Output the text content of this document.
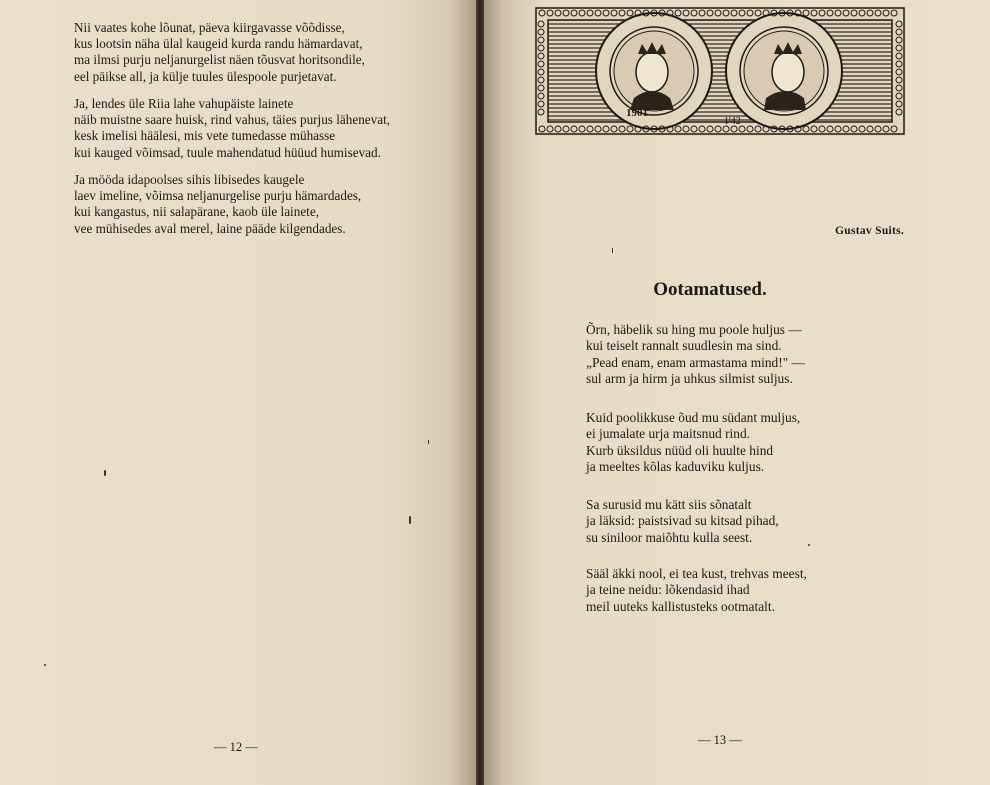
Nii vaates kohe lõunat, päeva kiirgavasse võõdisse,
kus lootsin näha ülal kaugeid kurda randu hämardavat,
ma ilmsi purju neljanurgelist näen tõusvat horitsondile,
eel päikse all, ja külje tuules ülespoole purjetavat.
Ja, lendes üle Riia lahe vahupäiste lainete
näib muistne saare huisk, rind vahus, täies purjus lähenevat,
kesk imelisi häälesi, mis vete tumedasse mühasse
kui kauged võimsad, tuule mahendatud hüüud humisevad.
Ja mööda idapoolses sihis libisedes kaugele
laev imeline, võimsa neljanurgelise purju hämardades,
kui kangastus, nii salapärane, kaob üle lainete,
vee mühisedes aval merel, laine pääde kilgendades.
— 12 —
1901
1'42
Gustav Suits.
Ootamatused.
Õrn, häbelik su hing mu poole huljus —
kui teiselt rannalt suudlesin ma sind.
„Pead enam, enam armastama mind!" —
sul arm ja hirm ja uhkus silmist suljus.
Kuid poolikkuse õud mu südant muljus,
ei jumalate urja maitsnud rind.
Kurb üksildus nüüd oli huulte hind
ja meeltes kõlas kaduviku kuljus.
Sa surusid mu kätt siis sõnatalt
ja läksid: paistsivad su kitsad pihad,
su siniloor maiõhtu kulla seest.
Sääl äkki nool, ei tea kust, trehvas meest,
ja teine neidu: lõkendasid ihad
meil uuteks kallistusteks ootmatalt.
— 13 —
